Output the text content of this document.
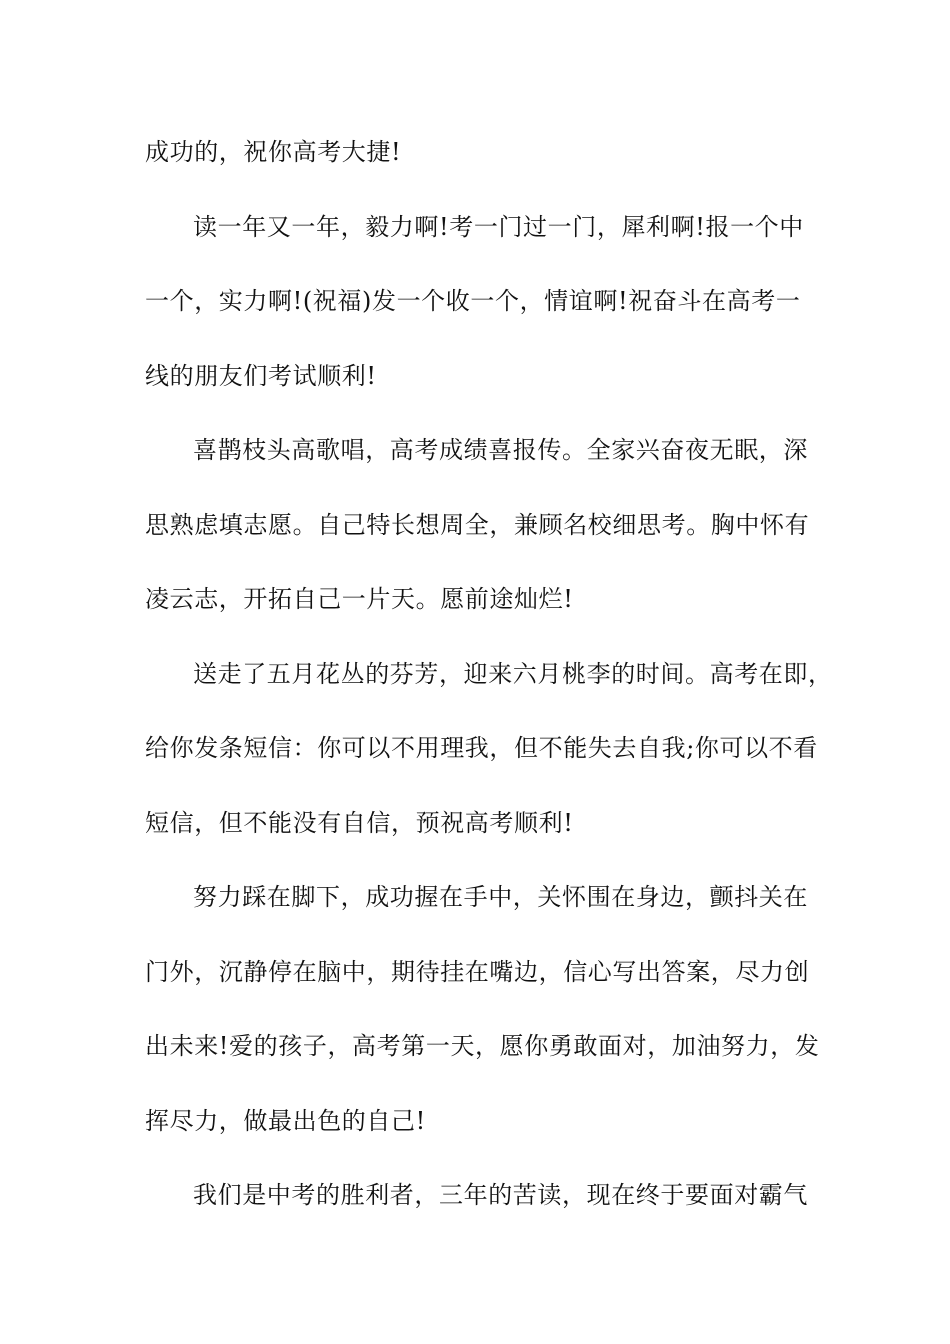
成功的，祝你高考大捷!
读一年又一年，毅力啊!考一门过一门，犀利啊!报一个中
一个，实力啊!(祝福)发一个收一个，情谊啊!祝奋斗在高考一
线的朋友们考试顺利!
喜鹊枝头高歌唱，高考成绩喜报传。全家兴奋夜无眠，深
思熟虑填志愿。自己特长想周全，兼顾名校细思考。胸中怀有
凌云志，开拓自己一片天。愿前途灿烂!
送走了五月花丛的芬芳，迎来六月桃李的时间。高考在即，
给你发条短信：你可以不用理我，但不能失去自我;你可以不看
短信，但不能没有自信，预祝高考顺利!
努力踩在脚下，成功握在手中，关怀围在身边，颤抖关在
门外，沉静停在脑中，期待挂在嘴边，信心写出答案，尽力创
出未来!爱的孩子，高考第一天，愿你勇敢面对，加油努力，发
挥尽力，做最出色的自己!
我们是中考的胜利者，三年的苦读，现在终于要面对霸气
